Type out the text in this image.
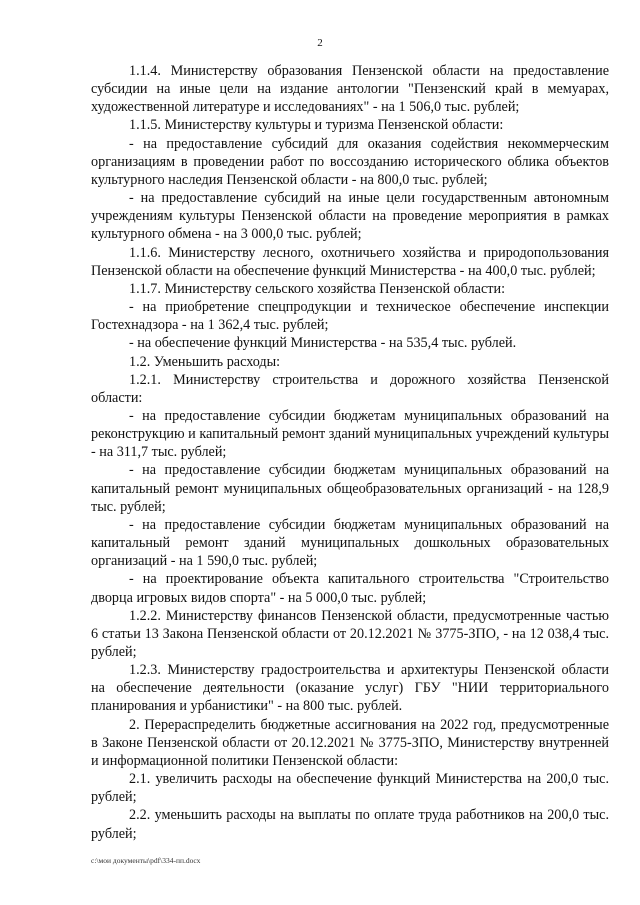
2

1.1.4. Министерству образования Пензенской области на предоставление субсидии на иные цели на издание антологии "Пензенский край в мемуарах, художественной литературе и исследованиях" - на 1 506,0 тыс. рублей;

1.1.5. Министерству культуры и туризма Пензенской области:

- на предоставление субсидий для оказания содействия некоммерческим организациям в проведении работ по воссозданию исторического облика объектов культурного наследия Пензенской области - на 800,0 тыс. рублей;

- на предоставление субсидий на иные цели государственным автономным учреждениям культуры Пензенской области на проведение мероприятия в рамках культурного обмена - на 3 000,0 тыс. рублей;

1.1.6. Министерству лесного, охотничьего хозяйства и природопользования Пензенской области на обеспечение функций Министерства - на 400,0 тыс. рублей;

1.1.7. Министерству сельского хозяйства Пензенской области:

- на приобретение спецпродукции и техническое обеспечение инспекции Гостехнадзора - на 1 362,4 тыс. рублей;

- на обеспечение функций Министерства - на 535,4 тыс. рублей.

1.2. Уменьшить расходы:

1.2.1. Министерству строительства и дорожного хозяйства Пензенской области:

- на предоставление субсидии бюджетам муниципальных образований на реконструкцию и капитальный ремонт зданий муниципальных учреждений культуры - на 311,7 тыс. рублей;

- на предоставление субсидии бюджетам муниципальных образований на капитальный ремонт муниципальных общеобразовательных организаций - на 128,9 тыс. рублей;

- на предоставление субсидии бюджетам муниципальных образований на капитальный ремонт зданий муниципальных дошкольных образовательных организаций - на 1 590,0 тыс. рублей;

- на проектирование объекта капитального строительства "Строительство дворца игровых видов спорта" - на 5 000,0 тыс. рублей;

1.2.2. Министерству финансов Пензенской области, предусмотренные частью 6 статьи 13 Закона Пензенской области от 20.12.2021 № 3775-ЗПО, - на 12 038,4 тыс. рублей;

1.2.3. Министерству градостроительства и архитектуры Пензенской области на обеспечение деятельности (оказание услуг) ГБУ "НИИ территориального планирования и урбанистики" - на 800 тыс. рублей.

2. Перераспределить бюджетные ассигнования на 2022 год, предусмотренные в Законе Пензенской области от 20.12.2021 № 3775-ЗПО, Министерству внутренней и информационной политики Пензенской области:

2.1. увеличить расходы на обеспечение функций Министерства на 200,0 тыс. рублей;

2.2. уменьшить расходы на выплаты по оплате труда работников на 200,0 тыс. рублей;

c:\мои документы\pdf\334-пп.docx
